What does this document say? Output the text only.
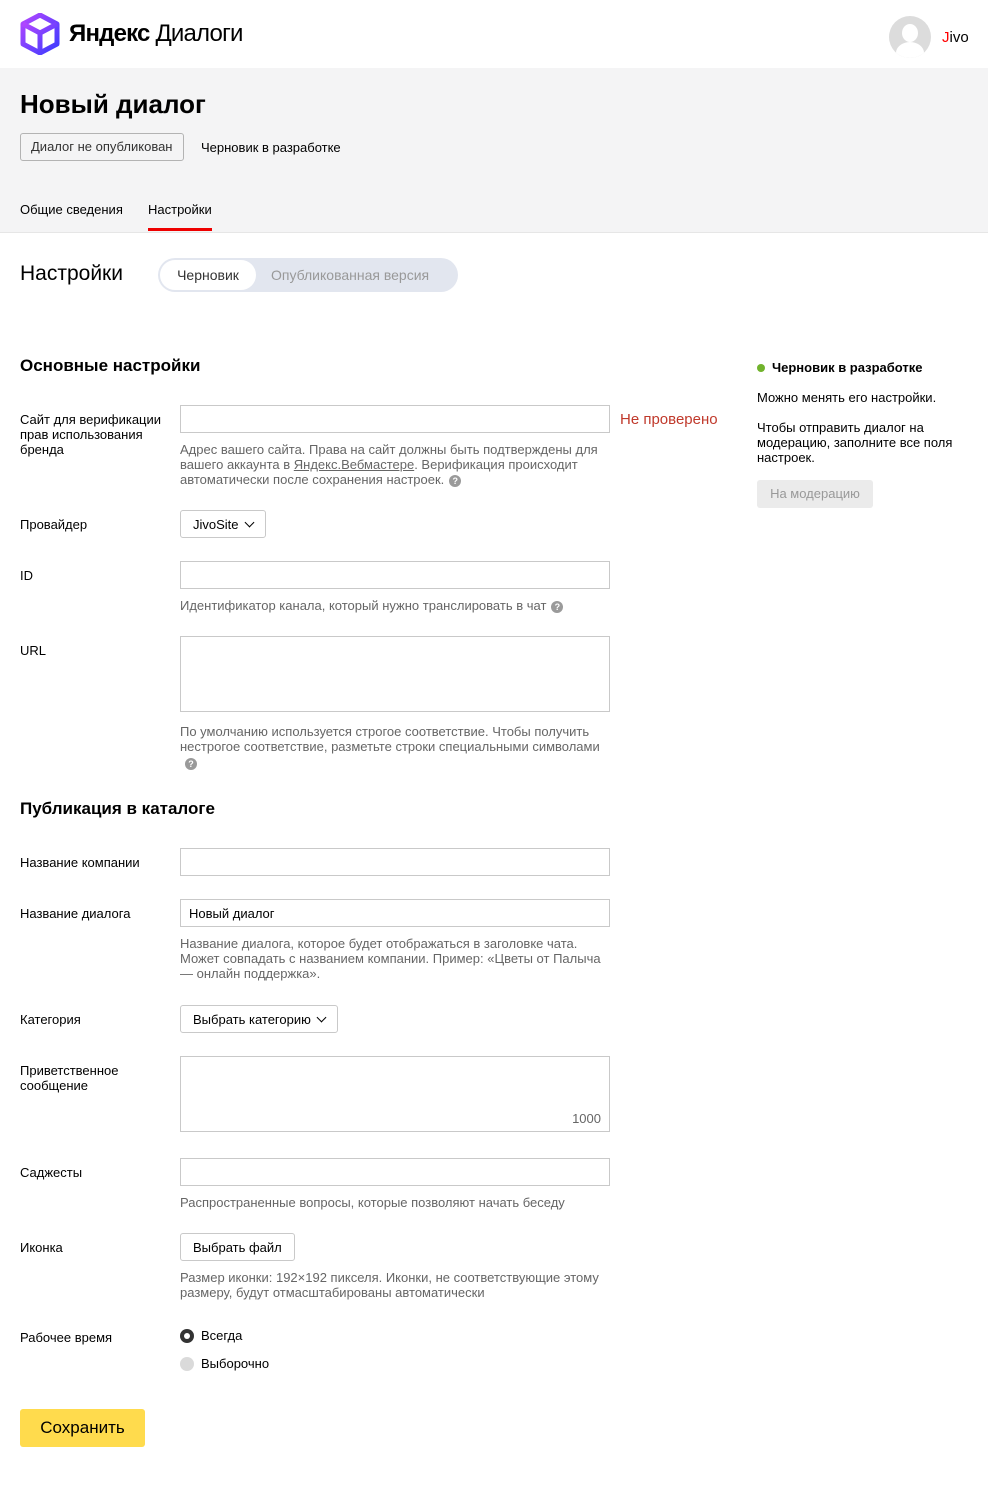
Яндекс Диалоги	Jivo
Новый диалог
Диалог не опубликован	Черновик в разработке
Общие сведения Настройки
Настройки	Черновик	Опубликованная версия
Основные настройки
Сайт для верификации прав использования бренда
Не проверено
Адрес вашего сайта. Права на сайт должны быть подтверждены для вашего аккаунта в Яндекс.Вебмастере. Верификация происходит автоматически после сохранения настроек. ?
Провайдер	JivoSite
ID
Идентификатор канала, который нужно транслировать в чат ?
URL
По умолчанию используется строгое соответствие. Чтобы получить нестрогое соответствие, разметьте строки специальными символами
?
Публикация в каталоге
Название компании
Название диалога	Новый диалог
Название диалога, которое будет отображаться в заголовке чата. Может совпадать с названием компании. Пример: «Цветы от Палыча — онлайн поддержка».
Категория	Выбрать категорию
Приветственное сообщение
1000
Саджесты
Распространенные вопросы, которые позволяют начать беседу
Иконка	Выбрать файл
Размер иконки: 192×192 пикселя. Иконки, не соответствующие этому размеру, будут отмасштабированы автоматически
Рабочее время	Всегда
Выборочно
Сохранить
Черновик в разработке
Можно менять его настройки.
Чтобы отправить диалог на модерацию, заполните все поля настроек.
На модерацию
